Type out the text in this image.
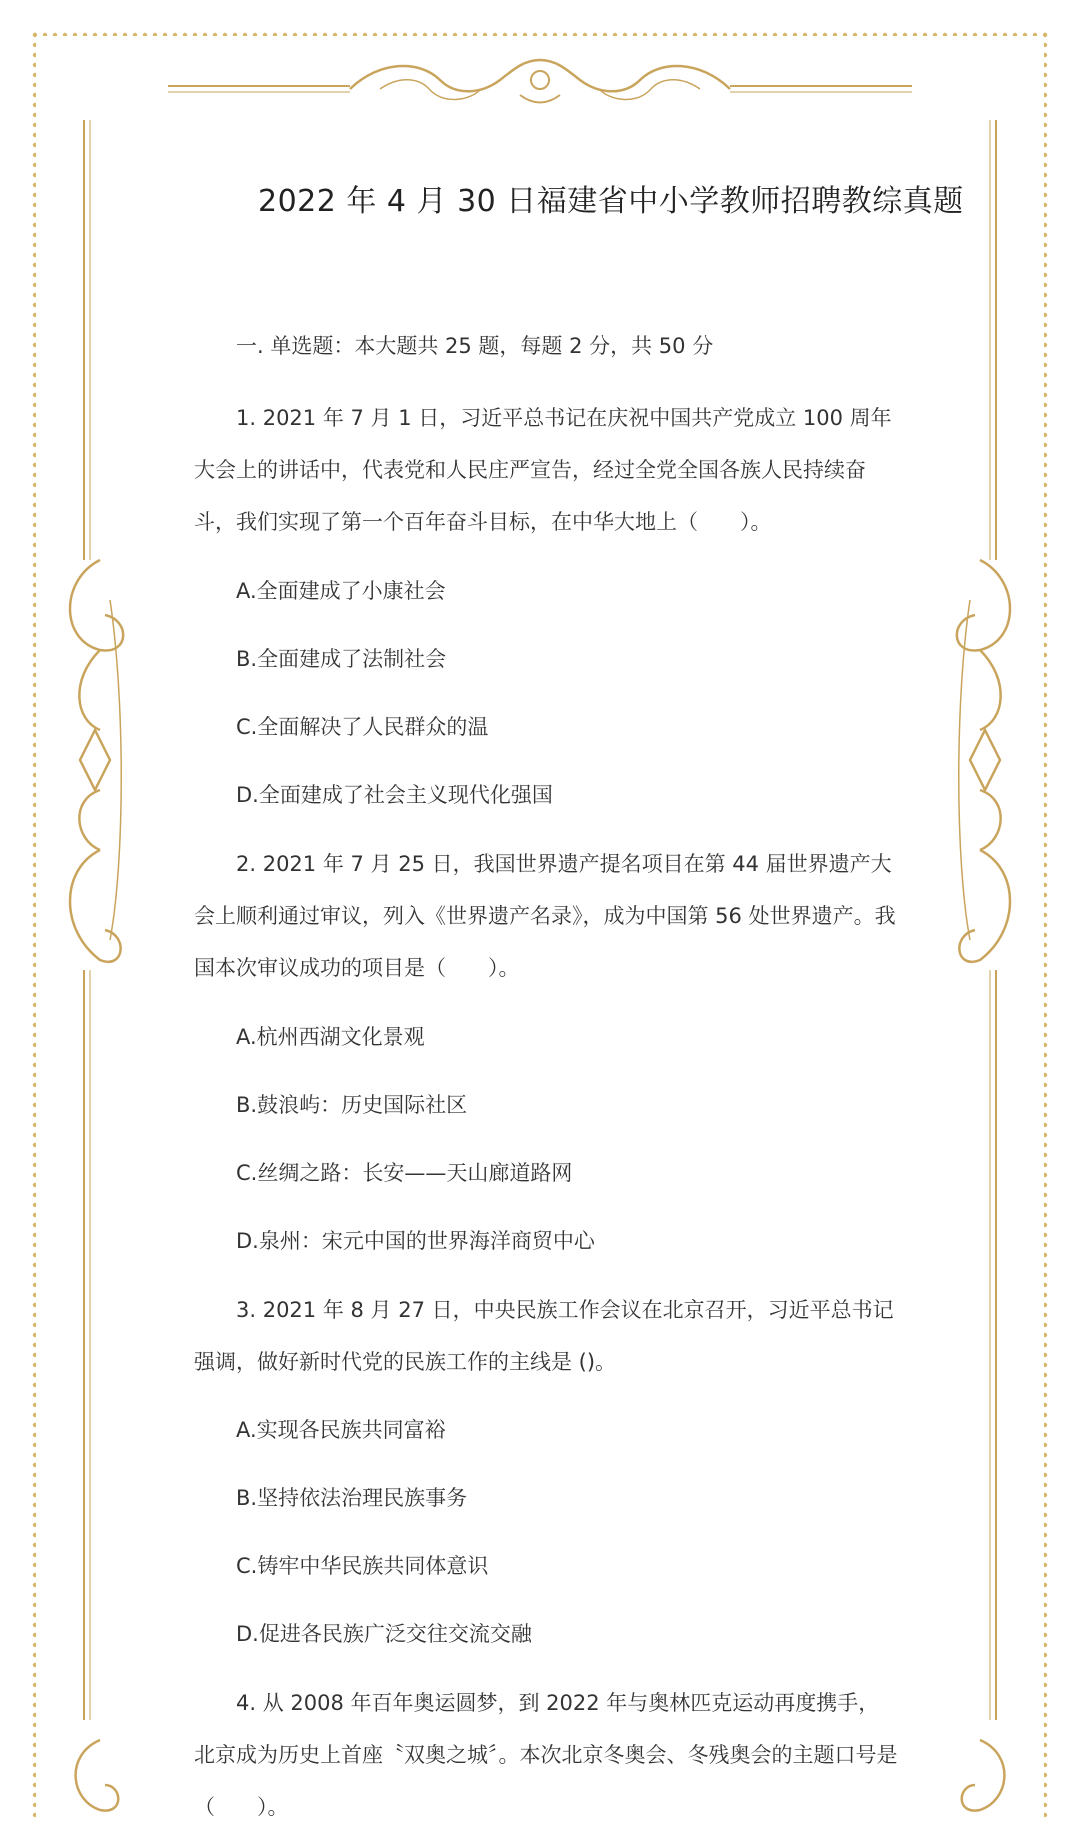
2022 年 4 月 30 日福建省中小学教师招聘教综真题
一. 单选题：本大题共 25 题，每题 2 分，共 50 分
1. 2021 年 7 月 1 日，习近平总书记在庆祝中国共产党成立 100 周年大会上的讲话中，代表党和人民庄严宣告，经过全党全国各族人民持续奋斗，我们实现了第一个百年奋斗目标，在中华大地上（　　）。
A.全面建成了小康社会
B.全面建成了法制社会
C.全面解决了人民群众的温
D.全面建成了社会主义现代化强国
2. 2021 年 7 月 25 日，我国世界遗产提名项目在第 44 届世界遗产大会上顺利通过审议，列入《世界遗产名录》，成为中国第 56 处世界遗产。我国本次审议成功的项目是（　　）。
A.杭州西湖文化景观
B.鼓浪屿：历史国际社区
C.丝绸之路：长安——天山廊道路网
D.泉州：宋元中国的世界海洋商贸中心
3. 2021 年 8 月 27 日，中央民族工作会议在北京召开，习近平总书记强调，做好新时代党的民族工作的主线是 ()。
A.实现各民族共同富裕
B.坚持依法治理民族事务
C.铸牢中华民族共同体意识
D.促进各民族广泛交往交流交融
4. 从 2008 年百年奥运圆梦，到 2022 年与奥林匹克运动再度携手，北京成为历史上首座〝双奥之城〞。本次北京冬奥会、冬残奥会的主题口号是（　　）。
